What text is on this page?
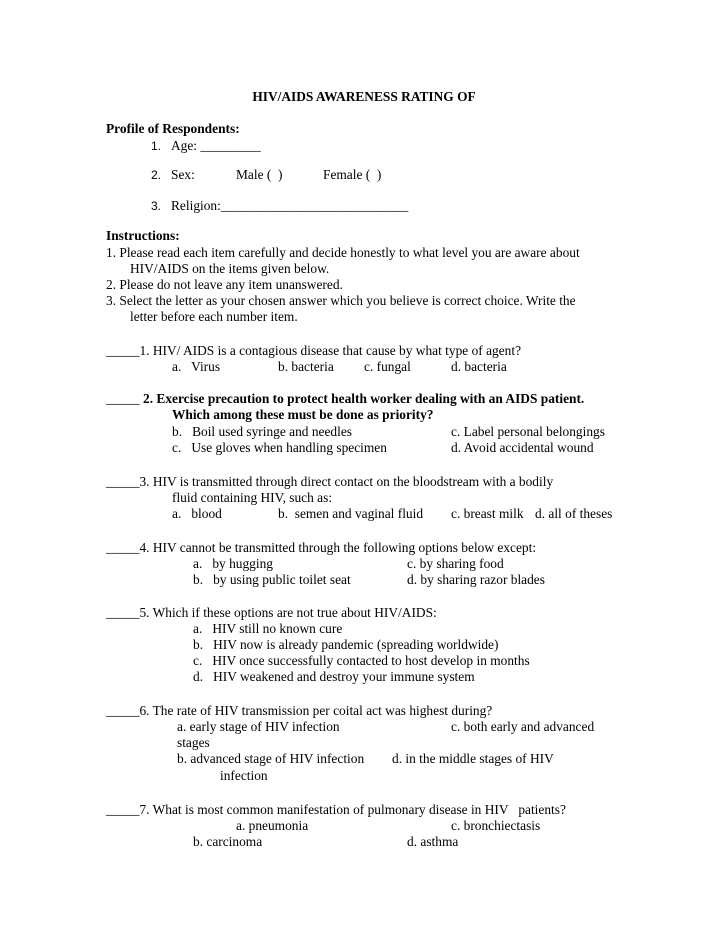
HIV/AIDS AWARENESS RATING OF
Profile of Respondents:
1. Age: _________
2. Sex:	Male (  )	Female (  )
3. Religion:____________________________
Instructions:
1. Please read each item carefully and decide honestly to what level you are aware about
HIV/AIDS on the items given below.
2. Please do not leave any item unanswered.
3. Select the letter as your chosen answer which you believe is correct choice. Write the
letter before each number item.
_____1. HIV/ AIDS is a contagious disease that cause by what type of agent?
a.   Virus	b. bacteria c. fungal	d. bacteria
_____ 2. Exercise precaution to protect health worker dealing with an AIDS patient.
Which among these must be done as priority?
b.   Boil used syringe and needles	c. Label personal belongings
c.   Use gloves when handling specimen	d. Avoid accidental wound
_____3. HIV is transmitted through direct contact on the bloodstream with a bodily
fluid containing HIV, such as:
a.   blood	b.  semen and vaginal fluid c. breast milk d. all of theses
_____4. HIV cannot be transmitted through the following options below except:
a.   by hugging	c. by sharing food
b.   by using public toilet seat	d. by sharing razor blades
_____5. Which if these options are not true about HIV/AIDS:
a.   HIV still no known cure
b.   HIV now is already pandemic (spreading worldwide)
c.   HIV once successfully contacted to host develop in months
d.   HIV weakened and destroy your immune system
_____6. The rate of HIV transmission per coital act was highest during?
a. early stage of HIV infection	c. both early and advanced
stages
b. advanced stage of HIV infection d. in the middle stages of HIV
infection
_____7. What is most common manifestation of pulmonary disease in HIV   patients?
a. pneumonia	c. bronchiectasis
b. carcinoma	d. asthma
